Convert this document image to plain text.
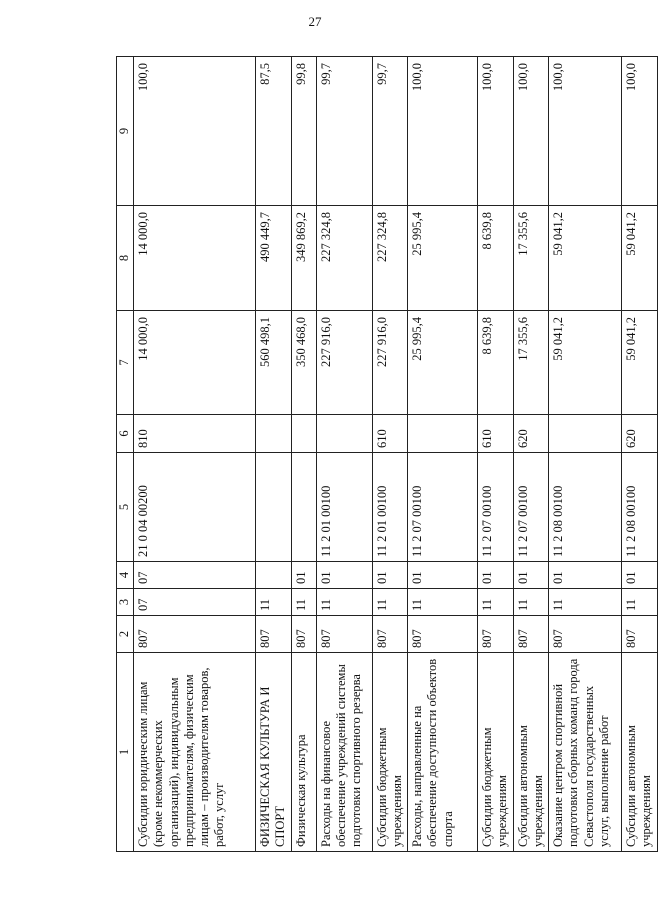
27
1	2	3	4	5	6	7	8	9
Субсидии юридическим лицам (кроме некоммерческих организаций), индивидуальным предпринимателям, физическим лицам – производителям товаров, работ, услуг	807	07	07	21 0 04 00200	810	14 000,0	14 000,0	100,0
ФИЗИЧЕСКАЯ КУЛЬТУРА И СПОРТ	807	11				560 498,1	490 449,7	87,5
Физическая культура	807	11	01			350 468,0	349 869,2	99,8
Расходы на финансовое обеспечение учреждений системы подготовки спортивного резерва	807	11	01	11 2 01 00100		227 916,0	227 324,8	99,7
Субсидии бюджетным учреждениям	807	11	01	11 2 01 00100	610	227 916,0	227 324,8	99,7
Расходы, направленные на обеспечение доступности объектов спорта	807	11	01	11 2 07 00100		25 995,4	25 995,4	100,0
Субсидии бюджетным учреждениям	807	11	01	11 2 07 00100	610	8 639,8	8 639,8	100,0
Субсидии автономным учреждениям	807	11	01	11 2 07 00100	620	17 355,6	17 355,6	100,0
Оказание центром спортивной подготовки сборных команд города Севастополя государственных услуг, выполнение работ	807	11	01	11 2 08 00100		59 041,2	59 041,2	100,0
Субсидии автономным учреждениям	807	11	01	11 2 08 00100	620	59 041,2	59 041,2	100,0
